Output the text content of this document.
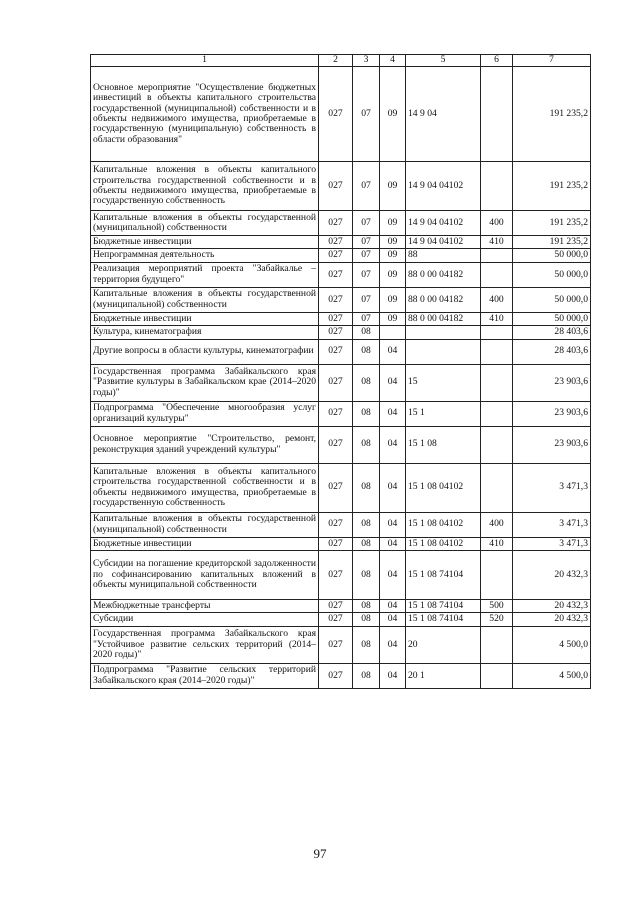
1	2	3	4	5	6	7
Основное мероприятие "Осуществление бюджетных инвестиций в объекты капитального строительства государственной (муниципальной) собственности и в объекты недвижимого имущества, приобретаемые в государственную (муниципальную) собственность в области образования"	027	07	09	14 9 04		191 235,2
Капитальные вложения в объекты капитального строительства государственной собственности и в объекты недвижимого имущества, приобретаемые в государственную собственность	027	07	09	14 9 04 04102		191 235,2
Капитальные вложения в объекты государственной (муниципальной) собственности	027	07	09	14 9 04 04102	400	191 235,2
Бюджетные инвестиции	027	07	09	14 9 04 04102	410	191 235,2
Непрограммная деятельность	027	07	09	88		50 000,0
Реализация мероприятий проекта "Забайкалье – территория будущего"	027	07	09	88 0 00 04182		50 000,0
Капитальные вложения в объекты государственной (муниципальной) собственности	027	07	09	88 0 00 04182	400	50 000,0
Бюджетные инвестиции	027	07	09	88 0 00 04182	410	50 000,0
Культура, кинематография	027	08				28 403,6
Другие вопросы в области культуры, кинематографии	027	08	04			28 403,6
Государственная программа Забайкальского края "Развитие культуры в Забайкальском крае (2014–2020 годы)"	027	08	04	15		23 903,6
Подпрограмма "Обеспечение многообразия услуг организаций культуры"	027	08	04	15 1		23 903,6
Основное мероприятие "Строительство, ремонт, реконструкция зданий учреждений культуры"	027	08	04	15 1 08		23 903,6
Капитальные вложения в объекты капитального строительства государственной собственности и в объекты недвижимого имущества, приобретаемые в государственную собственность	027	08	04	15 1 08 04102		3 471,3
Капитальные вложения в объекты государственной (муниципальной) собственности	027	08	04	15 1 08 04102	400	3 471,3
Бюджетные инвестиции	027	08	04	15 1 08 04102	410	3 471,3
Субсидии на погашение кредиторской задолженности по софинансированию капитальных вложений в объекты муниципальной собственности	027	08	04	15 1 08 74104		20 432,3
Межбюджетные трансферты	027	08	04	15 1 08 74104	500	20 432,3
Субсидии	027	08	04	15 1 08 74104	520	20 432,3
Государственная программа Забайкальского края "Устойчивое развитие сельских территорий (2014–2020 годы)"	027	08	04	20		4 500,0
Подпрограмма "Развитие сельских территорий Забайкальского края (2014–2020 годы)"	027	08	04	20 1		4 500,0
97
